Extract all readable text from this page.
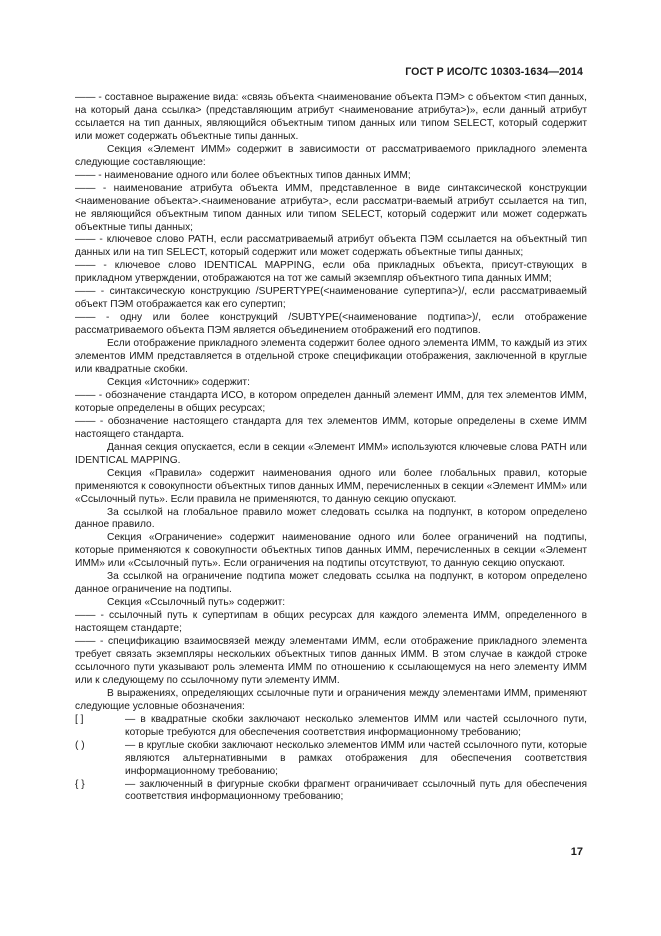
ГОСТ Р ИСО/ТС 10303-1634—2014

—— - составное выражение вида: «связь объекта <наименование объекта ПЭМ> с объектом <тип данных, на который дана ссылка> (представляющим атрибут <наименование атрибута>)», если данный атрибут ссылается на тип данных, являющийся объектным типом данных или типом SELECT, который содержит или может содержать объектные типы данных.

Секция «Элемент ИММ» содержит в зависимости от рассматриваемого прикладного элемента следующие составляющие:

—— - наименование одного или более объектных типов данных ИММ;

—— - наименование атрибута объекта ИММ, представленное в виде синтаксической конструкции <наименование объекта>.<наименование атрибута>, если рассматри-ваемый атрибут ссылается на тип, не являющийся объектным типом данных или типом SELECT, который содержит или может содержать объектные типы данных;

—— - ключевое слово PATH, если рассматриваемый атрибут объекта ПЭМ ссылается на объектный тип данных или на тип SELECT, который содержит или может содержать объектные типы данных;

—— - ключевое слово IDENTICAL MAPPING, если оба прикладных объекта, присут-ствующих в прикладном утверждении, отображаются на тот же самый экземпляр объектного типа данных ИММ;

—— - синтаксическую конструкцию /SUPERTYPE(<наименование супертипа>)/, если рассматриваемый объект ПЭМ отображается как его супертип;

—— - одну или более конструкций /SUBTYPE(<наименование подтипа>)/, если отображение рассматриваемого объекта ПЭМ является объединением отображений его подтипов.

Если отображение прикладного элемента содержит более одного элемента ИММ, то каждый из этих элементов ИММ представляется в отдельной строке спецификации отображения, заключенной в круглые или квадратные скобки.

Секция «Источник» содержит:

—— - обозначение стандарта ИСО, в котором определен данный элемент ИММ, для тех элементов ИММ, которые определены в общих ресурсах;

—— - обозначение настоящего стандарта для тех элементов ИММ, которые определены в схеме ИММ настоящего стандарта.

Данная секция опускается, если в секции «Элемент ИММ» используются ключевые слова PATH или IDENTICAL MAPPING.

Секция «Правила» содержит наименования одного или более глобальных правил, которые применяются к совокупности объектных типов данных ИММ, перечисленных в секции «Элемент ИММ» или «Ссылочный путь». Если правила не применяются, то данную секцию опускают.

За ссылкой на глобальное правило может следовать ссылка на подпункт, в котором определено данное правило.

Секция «Ограничение» содержит наименование одного или более ограничений на подтипы, которые применяются к совокупности объектных типов данных ИММ, перечисленных в секции «Элемент ИММ» или «Ссылочный путь». Если ограничения на подтипы отсутствуют, то данную секцию опускают.

За ссылкой на ограничение подтипа может следовать ссылка на подпункт, в котором определено данное ограничение на подтипы.

Секция «Ссылочный путь» содержит:

—— - ссылочный путь к супертипам в общих ресурсах для каждого элемента ИММ, определенного в настоящем стандарте;

—— - спецификацию взаимосвязей между элементами ИММ, если отображение прикладного элемента требует связать экземпляры нескольких объектных типов данных ИММ. В этом случае в каждой строке ссылочного пути указывают роль элемента ИММ по отношению к ссылающемуся на него элементу ИММ или к следующему по ссылочному пути элементу ИММ.

В выражениях, определяющих ссылочные пути и ограничения между элементами ИММ, применяют следующие условные обозначения:

[ ]	— в квадратные скобки заключают несколько элементов ИММ или частей ссылочного пути, которые требуются для обеспечения соответствия информационному требованию;
( )	— в круглые скобки заключают несколько элементов ИММ или частей ссылочного пути, которые являются альтернативными в рамках отображения для обеспечения соответствия информационному требованию;
{ }	— заключенный в фигурные скобки фрагмент ограничивает ссылочный путь для обеспечения соответствия информационному требованию;
17
